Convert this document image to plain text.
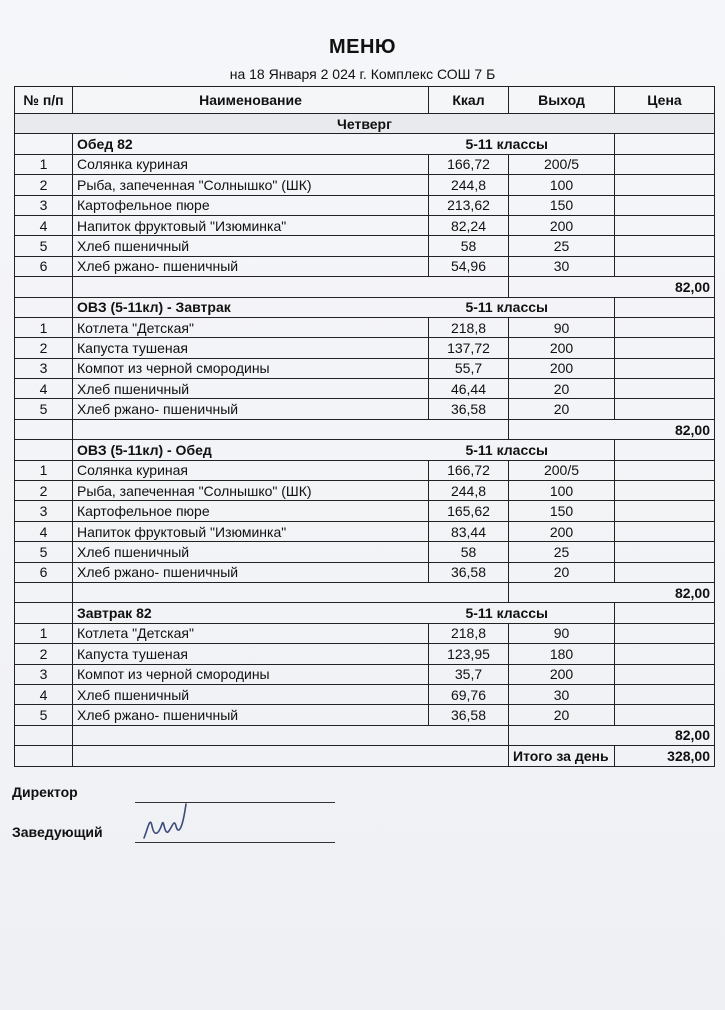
МЕНЮ
на 18 Января 2 024 г. Комплекс СОШ 7 Б
№ п/п	Наименование	Ккал	Выход	Цена
Четверг				
	Обед 82 5-11 классы			

1	Солянка куриная	166,72	200/5	
2	Рыба, запеченная "Солнышко" (ШК)	244,8	100	
3	Картофельное пюре	213,62	150	
4	Напиток фруктовый "Изюминка"	82,24	200	
5	Хлеб пшеничный	58	25	
6	Хлеб ржано- пшеничный	54,96	30	
			82,00	
	ОВЗ (5-11кл) - Завтрак 5-11 классы			

1	Котлета "Детская"	218,8	90	
2	Капуста тушеная	137,72	200	
3	Компот из черной смородины	55,7	200	
4	Хлеб пшеничный	46,44	20	
5	Хлеб ржано- пшеничный	36,58	20	
			82,00	
	ОВЗ (5-11кл) - Обед 5-11 классы			

1	Солянка куриная	166,72	200/5	
2	Рыба, запеченная "Солнышко" (ШК)	244,8	100	
3	Картофельное пюре	165,62	150	
4	Напиток фруктовый "Изюминка"	83,44	200	
5	Хлеб пшеничный	58	25	
6	Хлеб ржано- пшеничный	36,58	20	
			82,00	
	Завтрак 82 5-11 классы			

1	Котлета "Детская"	218,8	90	
2	Капуста тушеная	123,95	180	
3	Компот из черной смородины	35,7	200	
4	Хлеб пшеничный	69,76	30	
5	Хлеб ржано- пшеничный	36,58	20	
			82,00	
			Итого за день	328,00
Директор
Заведующий
